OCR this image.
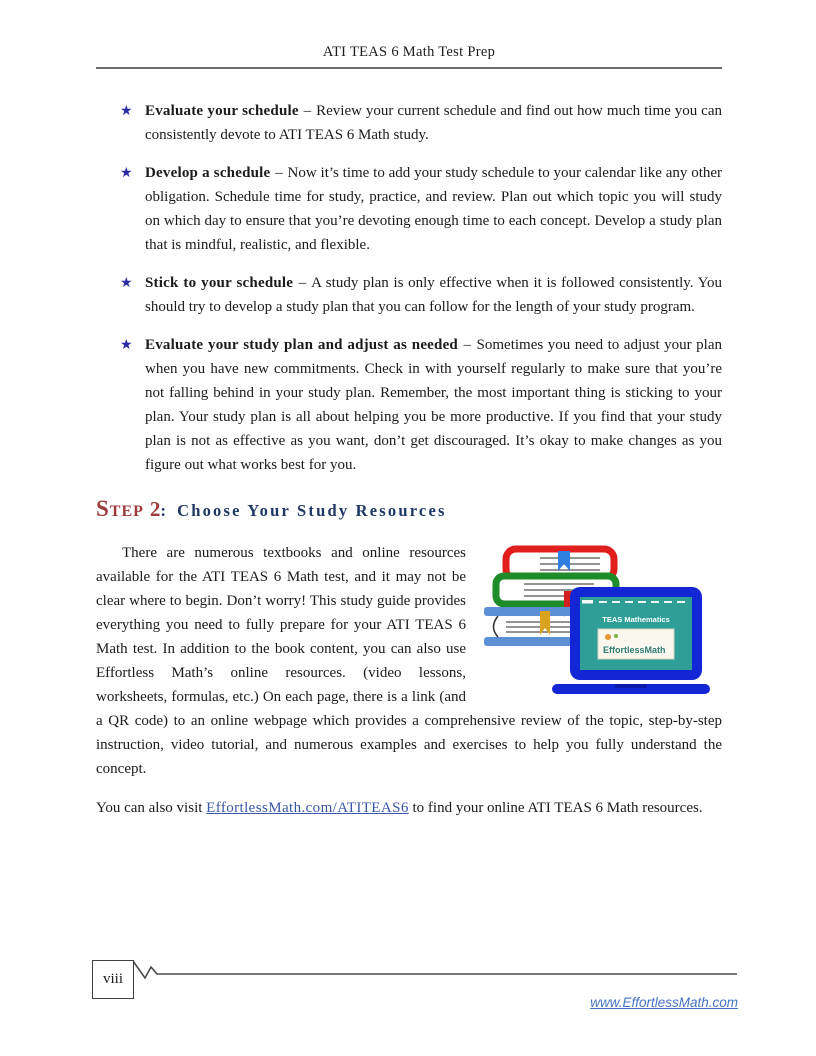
ATI TEAS 6 Math Test Prep
★ Evaluate your schedule – Review your current schedule and find out how much time you can consistently devote to ATI TEAS 6 Math study.
★ Develop a schedule – Now it’s time to add your study schedule to your calendar like any other obligation. Schedule time for study, practice, and review. Plan out which topic you will study on which day to ensure that you’re devoting enough time to each concept. Develop a study plan that is mindful, realistic, and flexible.
★ Stick to your schedule – A study plan is only effective when it is followed consistently. You should try to develop a study plan that you can follow for the length of your study program.
★ Evaluate your study plan and adjust as needed – Sometimes you need to adjust your plan when you have new commitments. Check in with yourself regularly to make sure that you’re not falling behind in your study plan. Remember, the most important thing is sticking to your plan. Your study plan is all about helping you be more productive. If you find that your study plan is not as effective as you want, don’t get discouraged. It’s okay to make changes as you figure out what works best for you.
Step 2: Choose Your Study Resources

TEAS Mathematics
EffortlessMath
There are numerous textbooks and online resources available for the ATI TEAS 6 Math test, and it may not be clear where to begin. Don’t worry! This study guide provides everything you need to fully prepare for your ATI TEAS 6 Math test. In addition to the book content, you can also use Effortless Math’s online resources. (video lessons, worksheets, formulas, etc.) On each page, there is a link (and a QR code) to an online webpage which provides a comprehensive review of the topic, step-by-step instruction, video tutorial, and numerous examples and exercises to help you fully understand the concept.

You can also visit EffortlessMath.com/ATITEAS6 to find your online ATI TEAS 6 Math resources.

viii
www.EffortlessMath.com
